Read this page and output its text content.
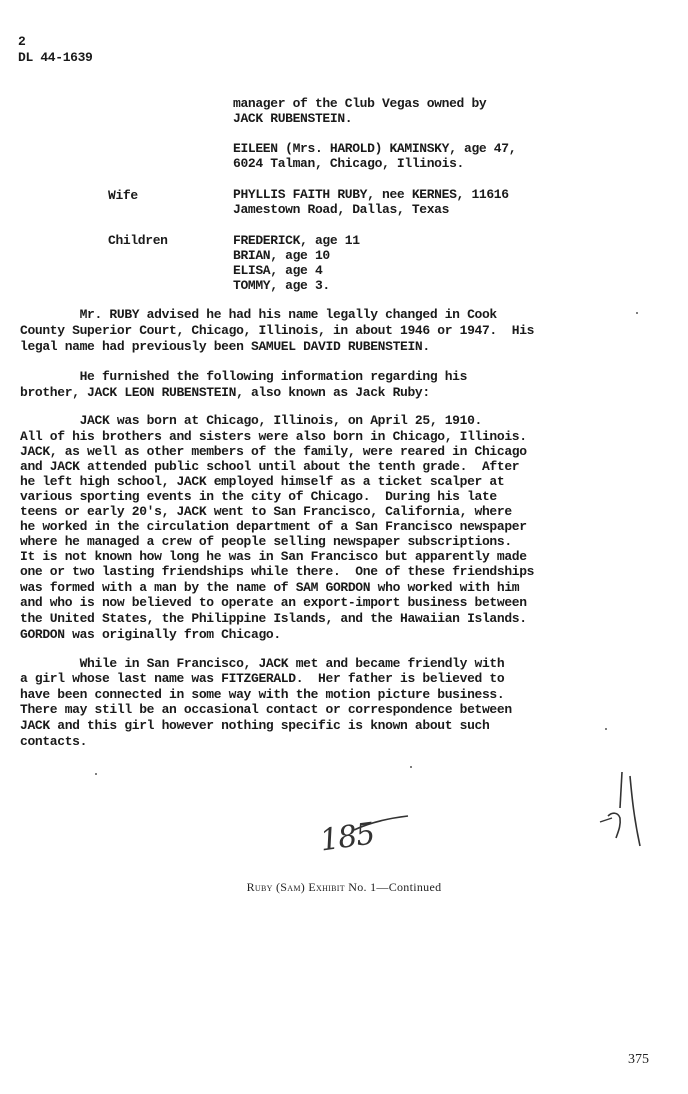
2
DL 44-1639
manager of the Club Vegas owned by
JACK RUBENSTEIN.
EILEEN (Mrs. HAROLD) KAMINSKY, age 47,
6024 Talman, Chicago, Illinois.
Wife	PHYLLIS FAITH RUBY, nee KERNES, 11616
Jamestown Road, Dallas, Texas
Children	FREDERICK, age 11
BRIAN, age 10
ELISA, age 4
TOMMY, age 3.
Mr. RUBY advised he had his name legally changed in Cook
County Superior Court, Chicago, Illinois, in about 1946 or 1947.  His
legal name had previously been SAMUEL DAVID RUBENSTEIN.
He furnished the following information regarding his
brother, JACK LEON RUBENSTEIN, also known as Jack Ruby:
JACK was born at Chicago, Illinois, on April 25, 1910.
All of his brothers and sisters were also born in Chicago, Illinois.
JACK, as well as other members of the family, were reared in Chicago
and JACK attended public school until about the tenth grade.  After
he left high school, JACK employed himself as a ticket scalper at
various sporting events in the city of Chicago.  During his late
teens or early 20's, JACK went to San Francisco, California, where
he worked in the circulation department of a San Francisco newspaper
where he managed a crew of people selling newspaper subscriptions.
It is not known how long he was in San Francisco but apparently made
one or two lasting friendships while there.  One of these friendships
was formed with a man by the name of SAM GORDON who worked with him
and who is now believed to operate an export-import business between
the United States, the Philippine Islands, and the Hawaiian Islands.
GORDON was originally from Chicago.
While in San Francisco, JACK met and became friendly with
a girl whose last name was FITZGERALD.  Her father is believed to
have been connected in some way with the motion picture business.
There may still be an occasional contact or correspondence between
JACK and this girl however nothing specific is known about such
contacts.
185
Ruby (Sam) Exhibit No. 1—Continued
375
